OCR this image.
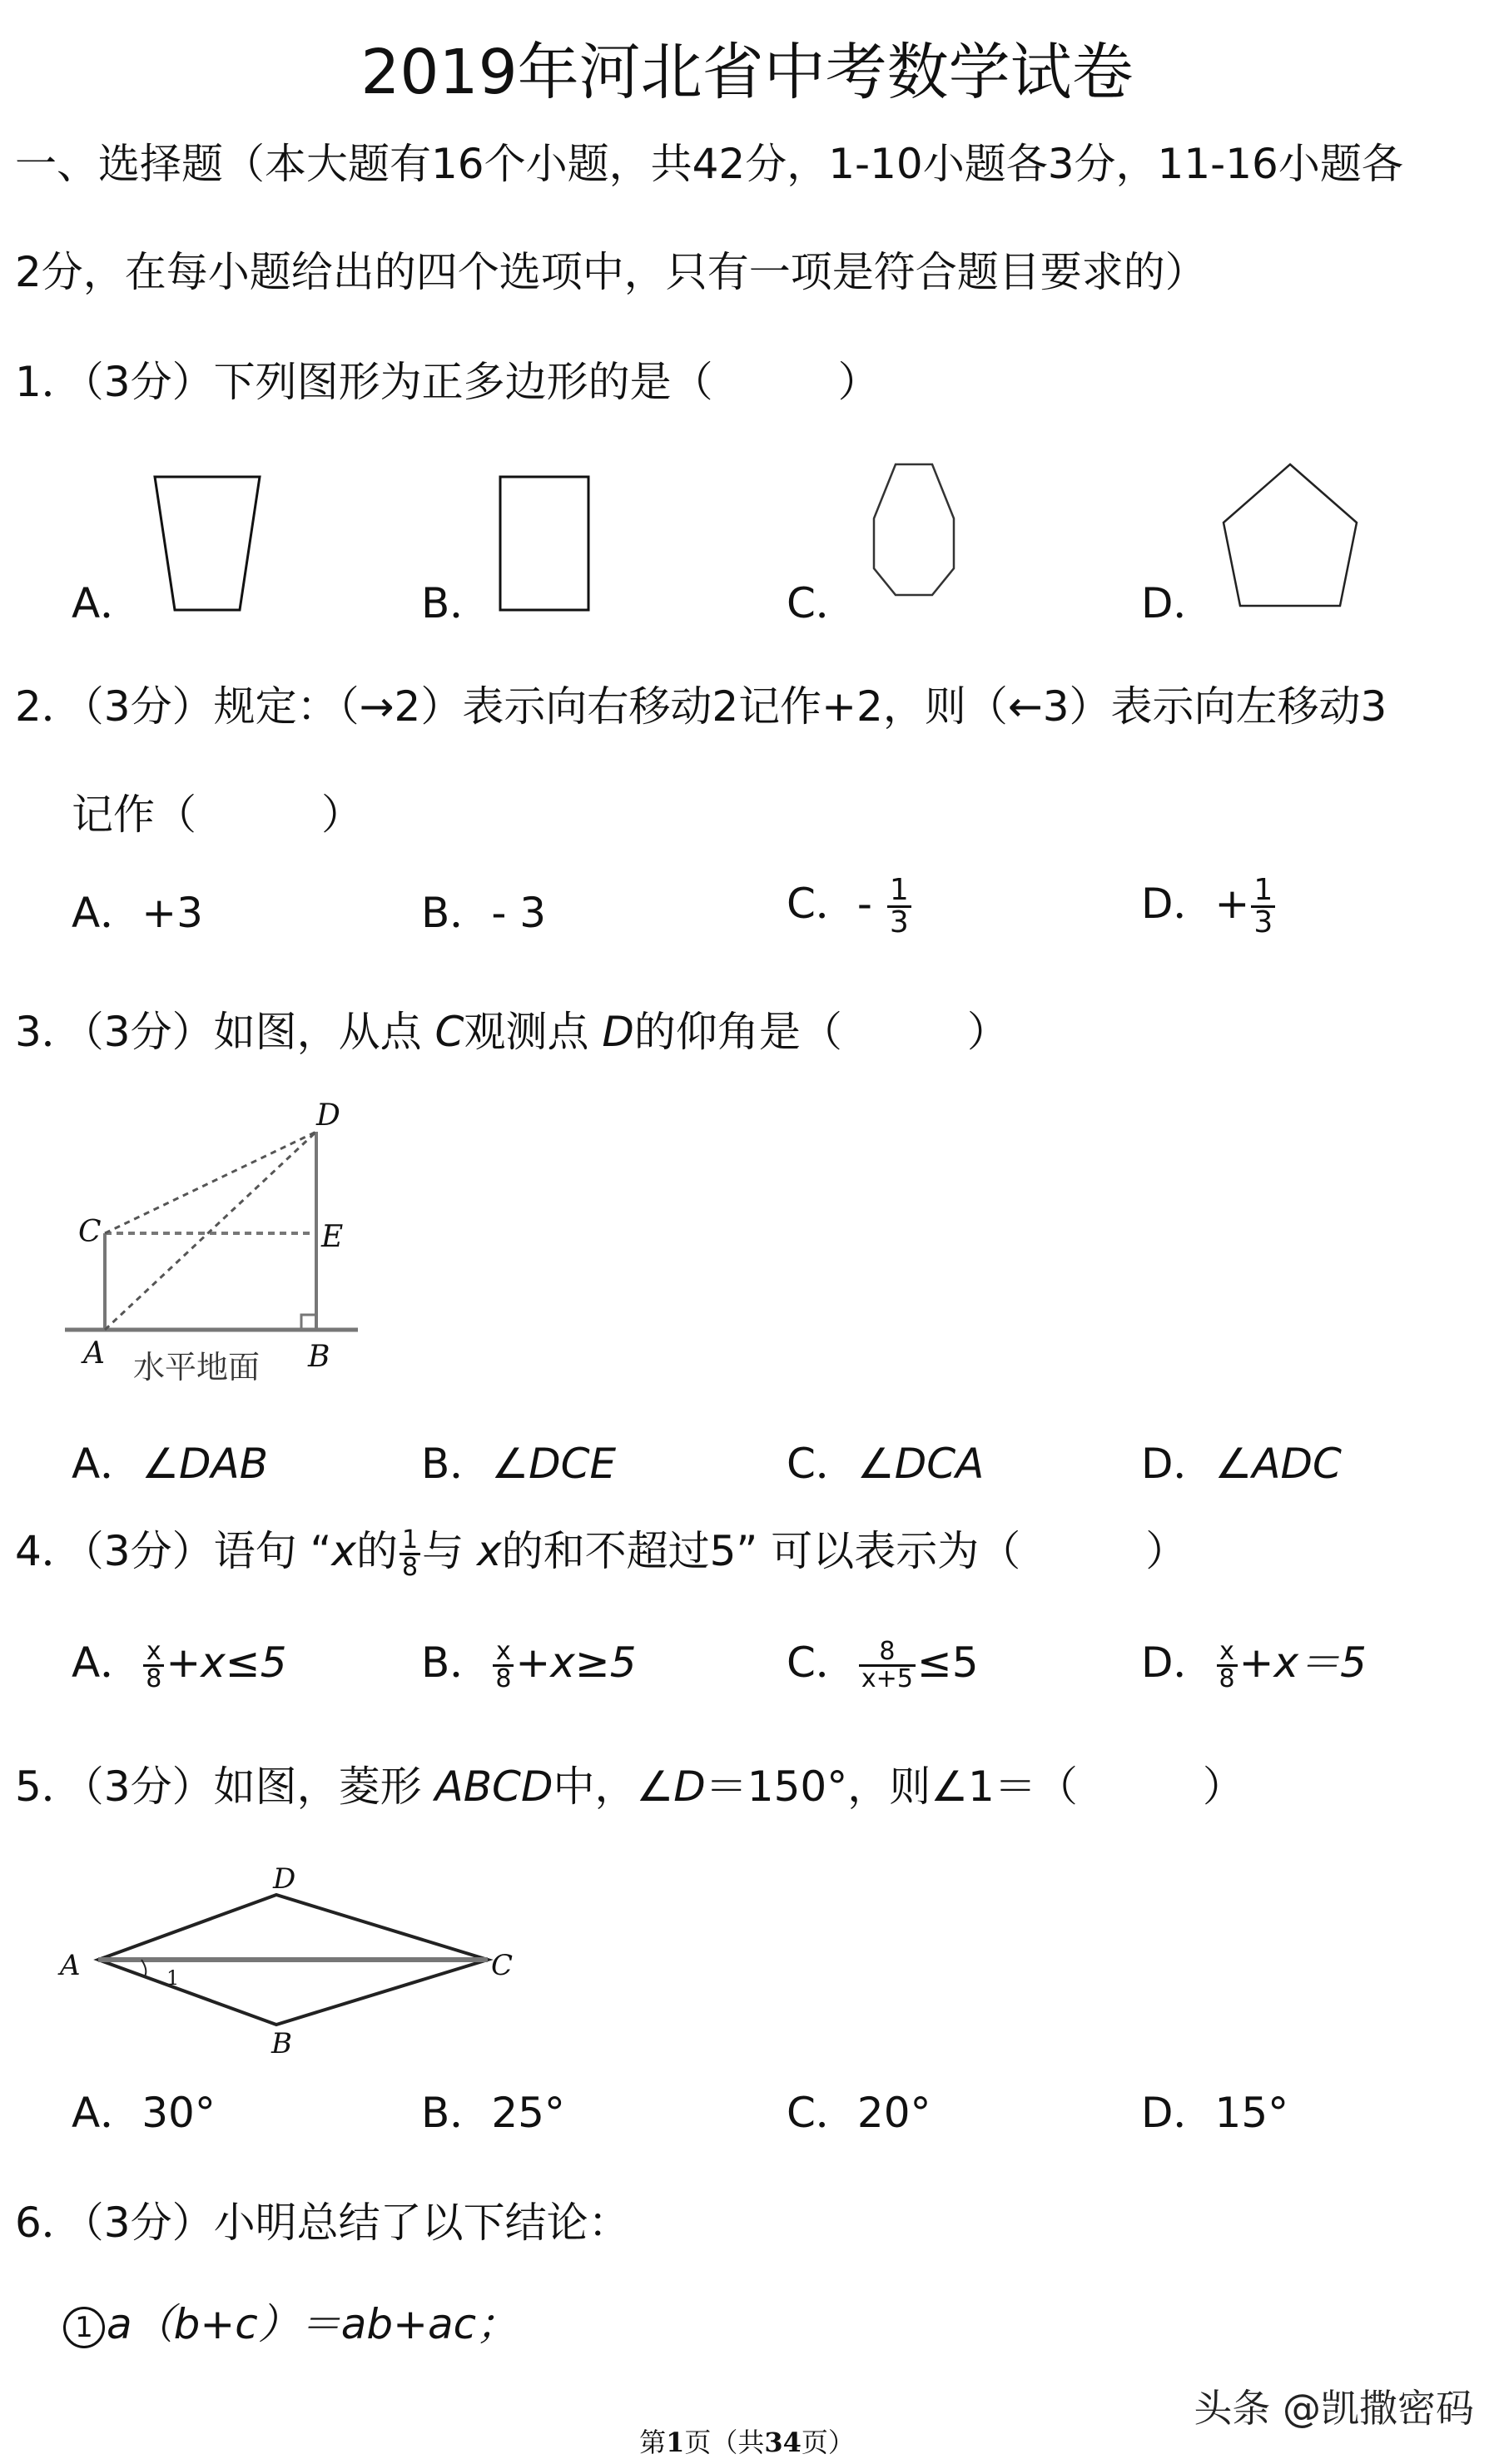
2019年河北省中考数学试卷
一、选择题（本大题有16个小题，共42分，1-10小题各3分，11-16小题各
2分，在每小题给出的四个选项中，只有一项是符合题目要求的）
1．（3分）下列图形为正多边形的是（　　　）
A．	B．	C．	D．
2．（3分）规定：（→2）表示向右移动2记作+2，则（←3）表示向左移动3
记作（　　　）
A．+3	B．- 3	C．- $\frac{1}{3}$	D．+ $\frac{1}{3}$
3．（3分）如图，从点 C观测点 D的仰角是（　　　）
D
C	E
A	B
水平地面
A．∠DAB	B．∠DCE	C．∠DCA	D．∠ADC
4．（3分）语句 “x的 $\frac{1}{8}$ 与 x的和不超过5” 可以表示为（　　　）
A． $\frac{x}{8} +x\le 5$	B． $\frac{x}{8} +x\ge 5$	C． $\frac{8}{x+5} \le 5$	D． $\frac{x}{8} +x=5$
5．（3分）如图，菱形 ABCD中，∠D＝150°，则∠1＝（　　　）
D
A	C
B
1
A．30°	B．25°	C．20°	D．15°
6．（3分）小明总结了以下结论：
1 a（b+c）＝ab+ac；
第1页（共34页）
头条 @凯撒密码
